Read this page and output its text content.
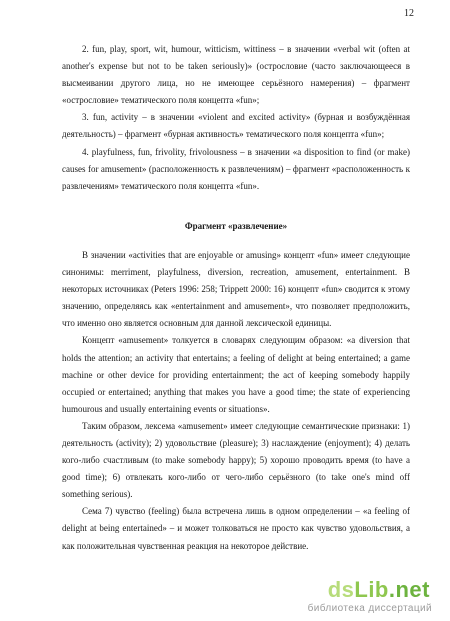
12

2. fun, play, sport, wit, humour, witticism, wittiness – в значении «verbal wit (often at another's expense but not to be taken seriously)» (остроcловие (часто заключающееся в высмеивании другого лица, но не имеющее серьёзного намерения) – фрагмент «остроcловие» тематического поля концепта «fun»;

3. fun, activity – в значении «violent and excited activity» (бурная и возбуждённая деятельность) – фрагмент «бурная активность» тематического поля концепта «fun»;

4. playfulness, fun, frivolity, frivolousness – в значении «a disposition to find (or make) causes for amusement» (расположенность к развлечениям) – фрагмент «расположенность к развлечениям» тематического поля концепта «fun».

Фрагмент «развлечение»

В значении «activities that are enjoyable or amusing» концепт «fun» имеет следующие синонимы: merriment, playfulness, diversion, recreation, amusement, entertainment. В некоторых источниках (Peters 1996: 258; Trippett 2000: 16) концепт «fun» сводится к этому значению, определяясь как «entertainment and amusement», что позволяет предположить, что именно оно является основным для данной лексической единицы.

Концепт «amusement» толкуется в словарях следующим образом: «a diversion that holds the attention; an activity that entertains; a feeling of delight at being entertained; a game machine or other device for providing entertainment; the act of keeping somebody happily occupied or entertained; anything that makes you have a good time; the state of experiencing humourous and usually entertaining events or situations».

Таким образом, лексема «amusement» имеет следующие семантические признаки: 1) деятельность (activity); 2) удовольствие (pleasure); 3) наслаждение (enjoyment); 4) делать кого-либо счастливым (to make somebody happy); 5) хорошо проводить время (to have a good time); 6) отвлекать кого-либо от чего-либо серьёзного (to take one's mind off something serious).

Сема 7) чувство (feeling) была встречена лишь в одном определении – «a feeling of delight at being entertained» – и может толковаться не просто как чувство удовольствия, а как положительная чувственная реакция на некоторое действие.

dsLib.net
библиотека диссертаций
